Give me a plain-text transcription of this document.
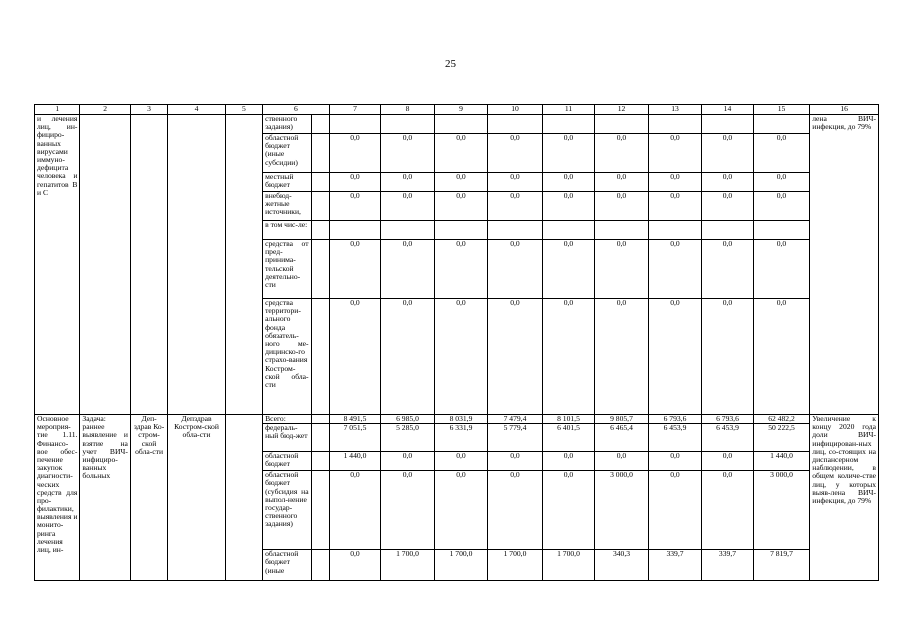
25
1	2	3	4	5	6		7	8	9	10	11	12	13	14	15	16
и лечения лиц, ин-фициро-ванных вирусами иммуно-дефицита человека и гепатитов В и С					ственного задания)											лена ВИЧ-инфекция, до 79%
					областной бюджет (иные субсидии)		0,0	0,0	0,0	0,0	0,0	0,0	0,0	0,0	0,0	
					местный бюджет		0,0	0,0	0,0	0,0	0,0	0,0	0,0	0,0	0,0	
					внебюд-жетные источники,		0,0	0,0	0,0	0,0	0,0	0,0	0,0	0,0	0,0	
					в том чис-ле:											
					средства от пред-принима-тельской деятельно-сти		0,0	0,0	0,0	0,0	0,0	0,0	0,0	0,0	0,0	
					средства территори-ального фонда обязатель-ного ме-дицинско-го страхо-вания Костром-ской обла-сти		0,0	0,0	0,0	0,0	0,0	0,0	0,0	0,0	0,0	
Основное мероприя-тие 1.11. Финансо-вое обес-печение закупок диагности-ческих средств для про-филактики, выявления и монито-ринга лечения лиц, ин-	Задача: раннее выявление и взятие на учет ВИЧ-инфициро-ванных больных	Деп-здрав Ко-стром-ской обла-сти	Депздрав Костром-ской обла-сти		Всего:		8 491,5	6 985,0	8 031,9	7 479,4	8 101,5	9 805,7	6 793,6	6 793,6	62 482,2	Увеличение к концу 2020 года доли ВИЧ-инфицирован-ных лиц, со-стоящих на диспансерном наблюдении, в общем количе-стве лиц, у которых выяв-лена ВИЧ-инфекция, до 79%
					федераль-ный бюд-жет		7 051,5	5 285,0	6 331,9	5 779,4	6 401,5	6 465,4	6 453,9	6 453,9	50 222,5	
					областной бюджет		1 440,0	0,0	0,0	0,0	0,0	0,0	0,0	0,0	1 440,0	
					областной бюджет (субсидия на выпол-нение государ-ственного задания)		0,0	0,0	0,0	0,0	0,0	3 000,0	0,0	0,0	3 000,0	
					областной бюджет (иные		0,0	1 700,0	1 700,0	1 700,0	1 700,0	340,3	339,7	339,7	7 819,7	
